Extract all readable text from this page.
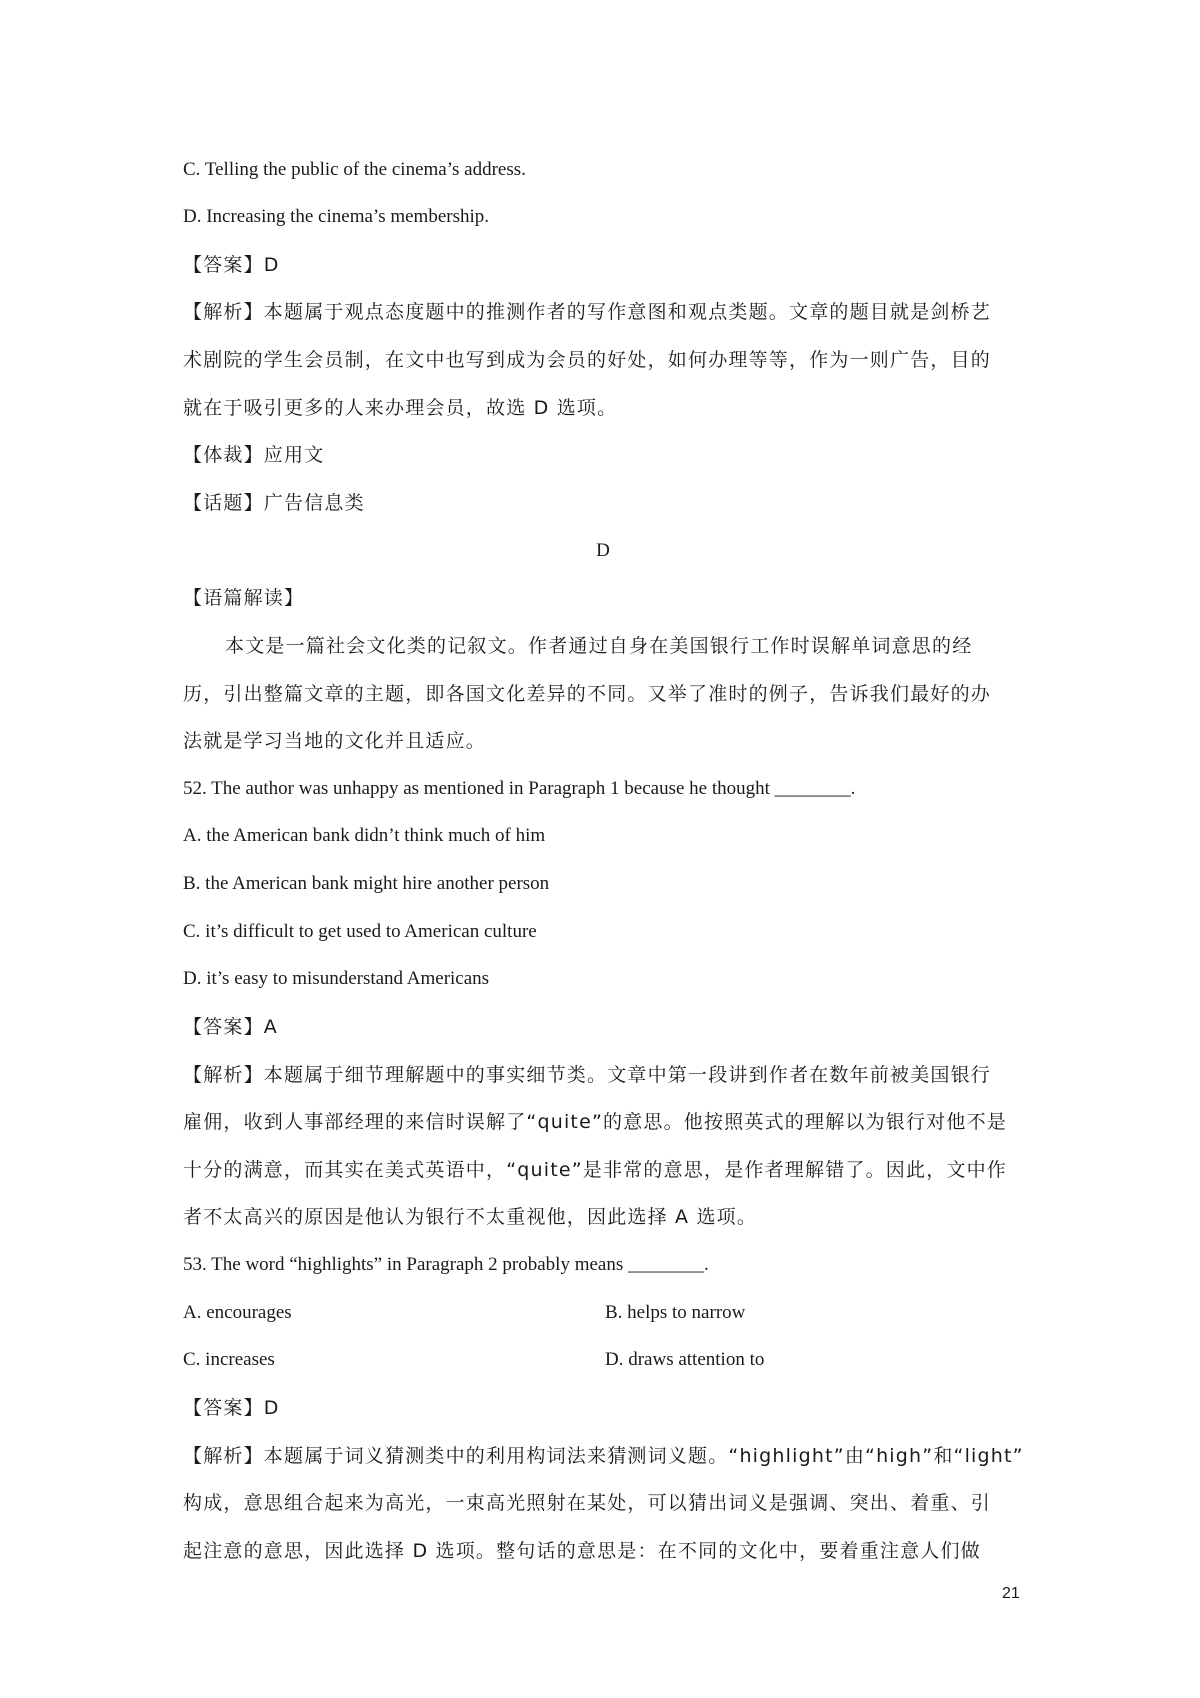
C. Telling the public of the cinema’s address.
D. Increasing the cinema’s membership.
【答案】D
【解析】本题属于观点态度题中的推测作者的写作意图和观点类题。文章的题目就是剑桥艺
术剧院的学生会员制，在文中也写到成为会员的好处，如何办理等等，作为一则广告，目的
就在于吸引更多的人来办理会员，故选 D 选项。
【体裁】应用文
【话题】广告信息类
D
【语篇解读】
本文是一篇社会文化类的记叙文。作者通过自身在美国银行工作时误解单词意思的经
历，引出整篇文章的主题，即各国文化差异的不同。又举了准时的例子，告诉我们最好的办
法就是学习当地的文化并且适应。
52. The author was unhappy as mentioned in Paragraph 1 because he thought ________.
A. the American bank didn’t think much of him
B. the American bank might hire another person
C. it’s difficult to get used to American culture
D. it’s easy to misunderstand Americans
【答案】A
【解析】本题属于细节理解题中的事实细节类。文章中第一段讲到作者在数年前被美国银行
雇佣，收到人事部经理的来信时误解了“quite”的意思。他按照英式的理解以为银行对他不是
十分的满意，而其实在美式英语中，“quite”是非常的意思，是作者理解错了。因此，文中作
者不太高兴的原因是他认为银行不太重视他，因此选择 A 选项。
53. The word “highlights” in Paragraph 2 probably means ________.
A. encourages	B. helps to narrow
C. increases	D. draws attention to
【答案】D
【解析】本题属于词义猜测类中的利用构词法来猜测词义题。“highlight”由“high”和“light”
构成，意思组合起来为高光，一束高光照射在某处，可以猜出词义是强调、突出、着重、引
起注意的意思，因此选择 D 选项。整句话的意思是：在不同的文化中，要着重注意人们做
21
